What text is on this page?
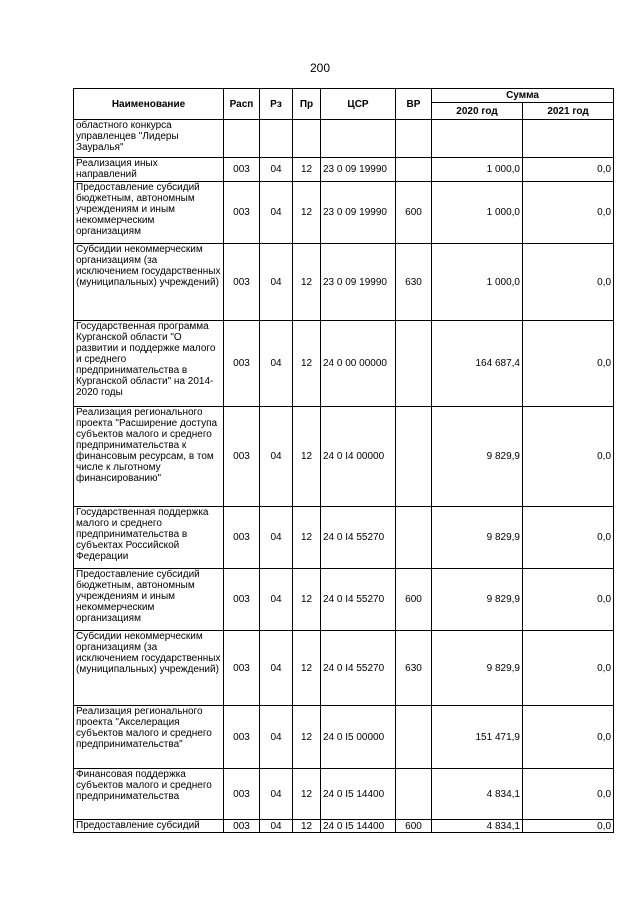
200
Наименование	Расп	Рз	Пр	ЦСР	ВР	Сумма	
						2020 год	2021 год
областного конкурса управленцев "Лидеры Зауралья"							
Реализация иных направлений	003	04	12	23 0 09 19990		1 000,0	0,0
Предоставление субсидий бюджетным, автономным учреждениям и иным некоммерческим организациям	003	04	12	23 0 09 19990	600	1 000,0	0,0
Субсидии некоммерческим организациям (за исключением государственных (муниципальных) учреждений)	003	04	12	23 0 09 19990	630	1 000,0	0,0
Государственная программа Курганской области "О развитии и поддержке малого и среднего предпринимательства в Курганской области" на 2014-2020 годы	003	04	12	24 0 00 00000		164 687,4	0,0
Реализация регионального проекта "Расширение доступа субъектов малого и среднего предпринимательства к финансовым ресурсам, в том числе к льготному финансированию"	003	04	12	24 0 I4 00000		9 829,9	0,0
Государственная поддержка малого и среднего предпринимательства в субъектах Российской Федерации	003	04	12	24 0 I4 55270		9 829,9	0,0
Предоставление субсидий бюджетным, автономным учреждениям и иным некоммерческим организациям	003	04	12	24 0 I4 55270	600	9 829,9	0,0
Субсидии некоммерческим организациям (за исключением государственных (муниципальных) учреждений)	003	04	12	24 0 I4 55270	630	9 829,9	0,0
Реализация регионального проекта "Акселерация субъектов малого и среднего предпринимательства"	003	04	12	24 0 I5 00000		151 471,9	0,0
Финансовая поддержка субъектов малого и среднего предпринимательства	003	04	12	24 0 I5 14400		4 834,1	0,0
Предоставление субсидий	003	04	12	24 0 I5 14400	600	4 834,1	0,0
